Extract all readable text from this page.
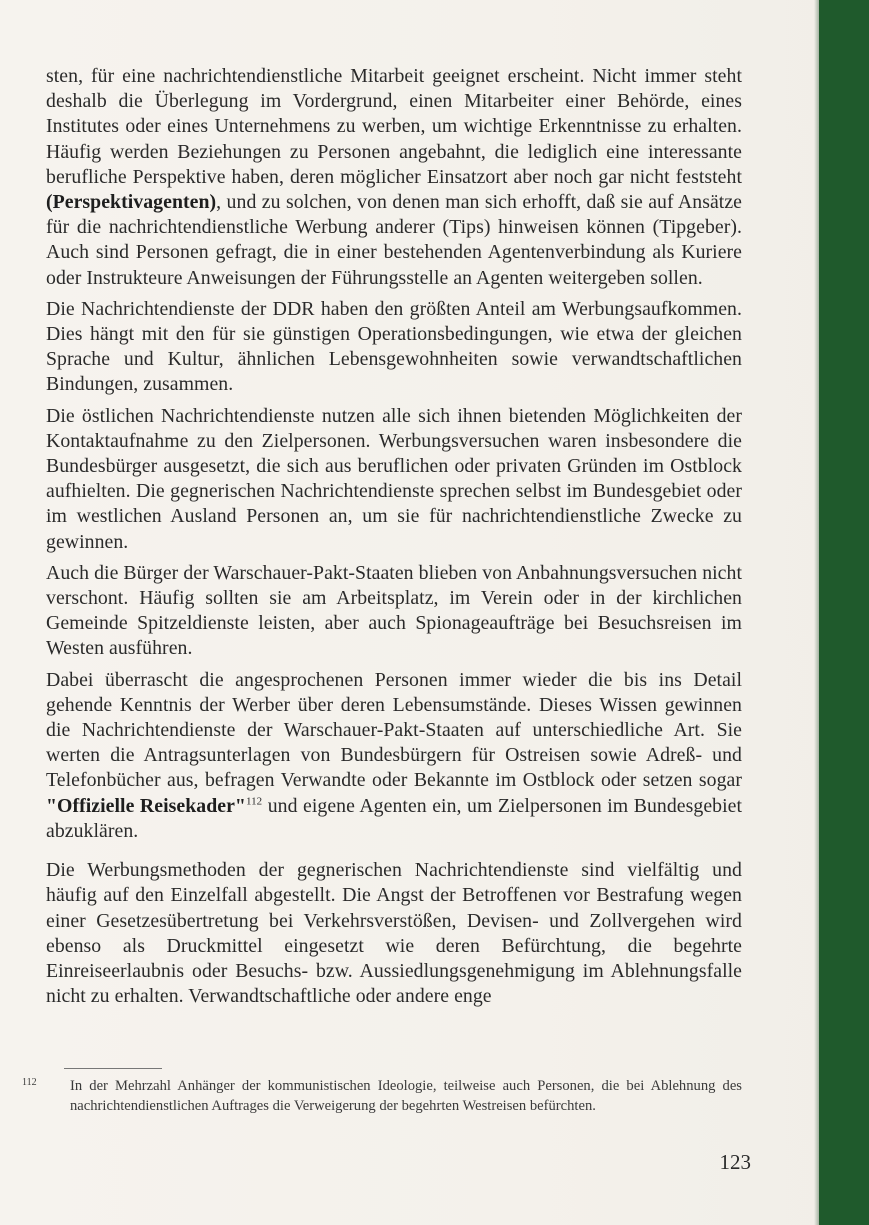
sten, für eine nachrichtendienstliche Mitarbeit geeignet erscheint. Nicht immer steht deshalb die Überlegung im Vordergrund, einen Mitarbeiter einer Behörde, eines Institutes oder eines Unternehmens zu werben, um wichtige Erkenntnisse zu erhalten. Häufig werden Beziehungen zu Personen angebahnt, die lediglich eine interessante berufliche Perspektive haben, deren möglicher Einsatzort aber noch gar nicht feststeht (Perspektivagenten), und zu solchen, von denen man sich erhofft, daß sie auf Ansätze für die nachrichtendienstliche Werbung anderer (Tips) hinweisen können (Tipgeber). Auch sind Personen gefragt, die in einer bestehenden Agentenverbindung als Kuriere oder Instrukteure Anweisungen der Führungsstelle an Agenten weitergeben sollen.

Die Nachrichtendienste der DDR haben den größten Anteil am Werbungsaufkommen. Dies hängt mit den für sie günstigen Operationsbedingungen, wie etwa der gleichen Sprache und Kultur, ähnlichen Lebensgewohnheiten sowie verwandtschaftlichen Bindungen, zusammen.

Die östlichen Nachrichtendienste nutzen alle sich ihnen bietenden Möglichkeiten der Kontaktaufnahme zu den Zielpersonen. Werbungsversuchen waren insbesondere die Bundesbürger ausgesetzt, die sich aus beruflichen oder privaten Gründen im Ostblock aufhielten. Die gegnerischen Nachrichtendienste sprechen selbst im Bundesgebiet oder im westlichen Ausland Personen an, um sie für nachrichtendienstliche Zwecke zu gewinnen.

Auch die Bürger der Warschauer-Pakt-Staaten blieben von Anbahnungsversuchen nicht verschont. Häufig sollten sie am Arbeitsplatz, im Verein oder in der kirchlichen Gemeinde Spitzeldienste leisten, aber auch Spionageaufträge bei Besuchsreisen im Westen ausführen.

Dabei überrascht die angesprochenen Personen immer wieder die bis ins Detail gehende Kenntnis der Werber über deren Lebensumstände. Dieses Wissen gewinnen die Nachrichtendienste der Warschauer-Pakt-Staaten auf unterschiedliche Art. Sie werten die Antragsunterlagen von Bundesbürgern für Ostreisen sowie Adreß- und Telefonbücher aus, befragen Verwandte oder Bekannte im Ostblock oder setzen sogar "Offizielle Reisekader"$^{112}$ und eigene Agenten ein, um Zielpersonen im Bundesgebiet abzuklären.

Die Werbungsmethoden der gegnerischen Nachrichtendienste sind vielfältig und häufig auf den Einzelfall abgestellt. Die Angst der Betroffenen vor Bestrafung wegen einer Gesetzesübertretung bei Verkehrsverstößen, Devisen- und Zollvergehen wird ebenso als Druckmittel eingesetzt wie deren Befürchtung, die begehrte Einreiseerlaubnis oder Besuchs- bzw. Aussiedlungsgenehmigung im Ablehnungsfalle nicht zu erhalten. Verwandtschaftliche oder andere enge

112 In der Mehrzahl Anhänger der kommunistischen Ideologie, teilweise auch Personen, die bei Ablehnung des nachrichtendienstlichen Auftrages die Verweigerung der begehrten Westreisen befürchten.
123
